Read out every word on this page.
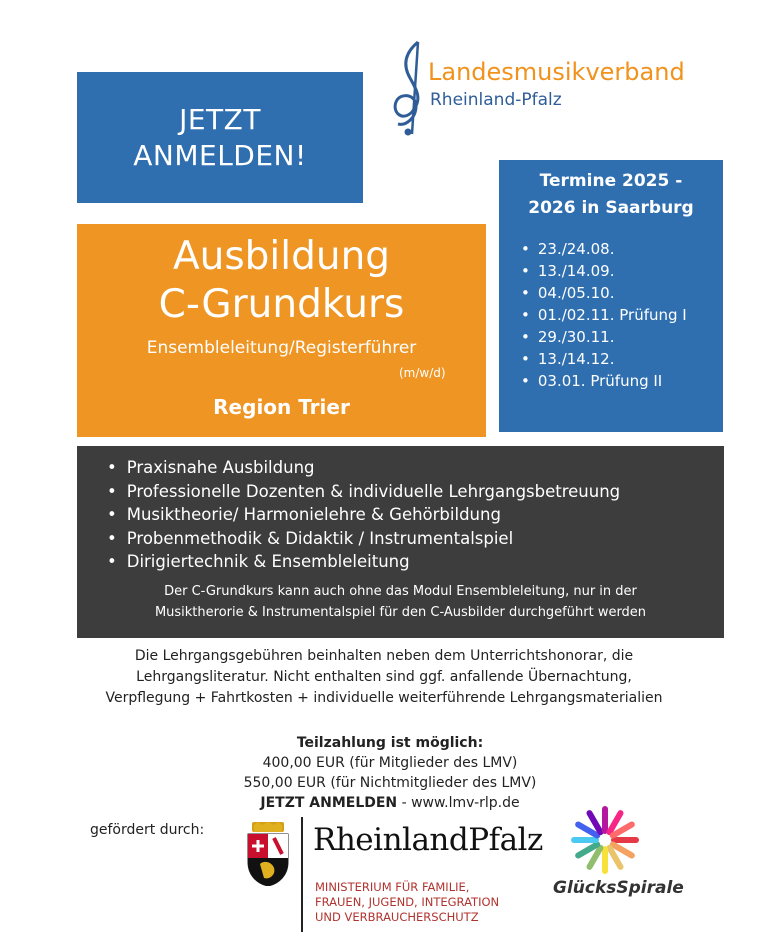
JETZT
ANMELDEN!
Landesmusikverband
Rheinland-Pfalz
Ausbildung
C-Grundkurs
Ensembleleitung/Registerführer
(m/w/d)
Region Trier
Termine 2025 -
2026 in Saarburg
• 23./24.08.
• 13./14.09.
• 04./05.10.
• 01./02.11. Prüfung I
• 29./30.11.
• 13./14.12.
• 03.01. Prüfung II
• Praxisnahe Ausbildung
• Professionelle Dozenten & individuelle Lehrgangsbetreuung
• Musiktheorie/ Harmonielehre & Gehörbildung
• Probenmethodik & Didaktik / Instrumentalspiel
• Dirigiertechnik & Ensembleleitung
Der C-Grundkurs kann auch ohne das Modul Ensembleleitung, nur in der
Musiktherorie & Instrumentalspiel für den C-Ausbilder durchgeführt werden
Die Lehrgangsgebühren beinhalten neben dem Unterrichtshonorar, die
Lehrgangsliteratur. Nicht enthalten sind ggf. anfallende Übernachtung,
Verpflegung + Fahrtkosten + individuelle weiterführende Lehrgangsmaterialien
Teilzahlung ist möglich:
400,00 EUR (für Mitglieder des LMV)
550,00 EUR (für Nichtmitglieder des LMV)
JETZT ANMELDEN - www.lmv-rlp.de
gefördert durch:	RheinlandPfalz
MINISTERIUM FÜR FAMILIE,
FRAUEN, JUGEND, INTEGRATION
UND VERBRAUCHERSCHUTZ
GlücksSpirale
